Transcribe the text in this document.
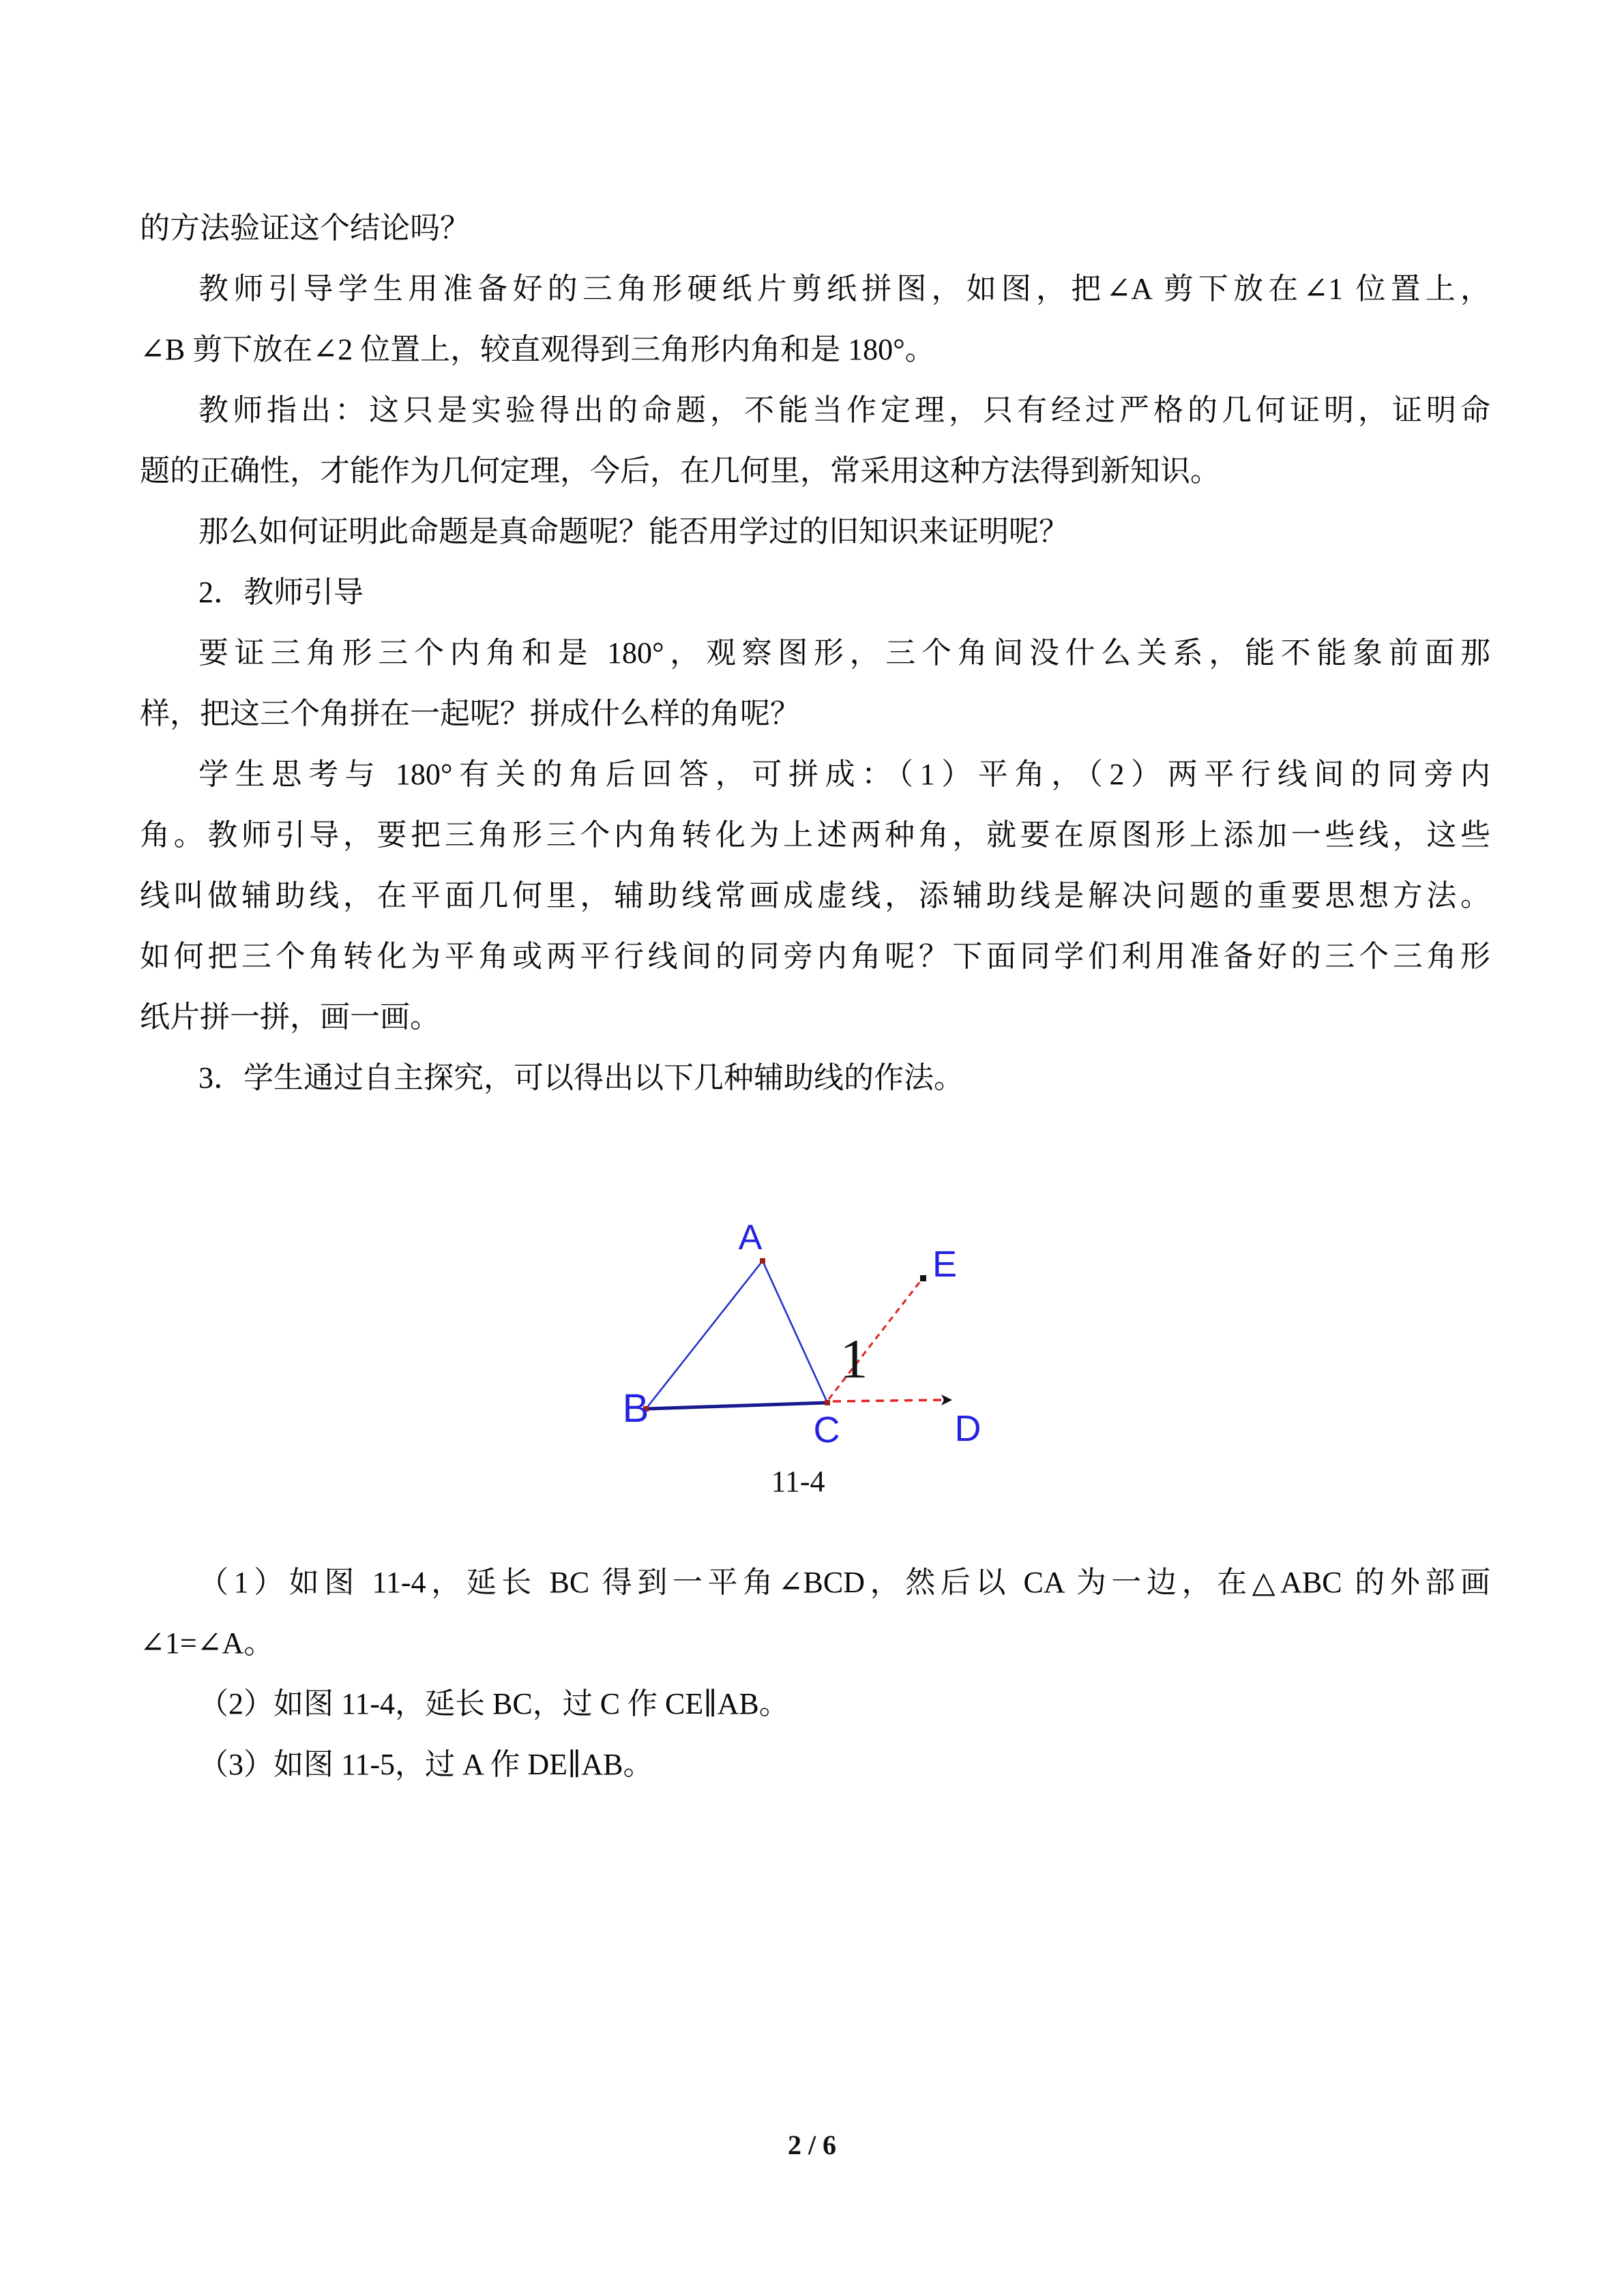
的方法验证这个结论吗？
教师引导学生用准备好的三角形硬纸片剪纸拼图，如图，把∠A 剪下放在∠1 位置上，
∠B 剪下放在∠2 位置上，较直观得到三角形内角和是 180°。
教师指出：这只是实验得出的命题，不能当作定理，只有经过严格的几何证明，证明命
题的正确性，才能作为几何定理，今后，在几何里，常采用这种方法得到新知识。
那么如何证明此命题是真命题呢？能否用学过的旧知识来证明呢？
2．教师引导
要证三角形三个内角和是 180°，观察图形，三个角间没什么关系，能不能象前面那
样，把这三个角拼在一起呢？拼成什么样的角呢？
学生思考与 180°有关的角后回答，可拼成：（1）平角，（2）两平行线间的同旁内
角。教师引导，要把三角形三个内角转化为上述两种角，就要在原图形上添加一些线，这些
线叫做辅助线，在平面几何里，辅助线常画成虚线，添辅助线是解决问题的重要思想方法。
如何把三个角转化为平角或两平行线间的同旁内角呢？下面同学们利用准备好的三个三角形
纸片拼一拼，画一画。
3．学生通过自主探究，可以得出以下几种辅助线的作法。
A
B	C	D
E
1
11-4
（1）如图 11-4，延长 BC 得到一平角∠BCD，然后以 CA 为一边，在△ABC 的外部画
∠1=∠A。
（2）如图 11-4，延长 BC，过 C 作 CE∥AB。
（3）如图 11-5，过 A 作 DE∥AB。
2 / 6
